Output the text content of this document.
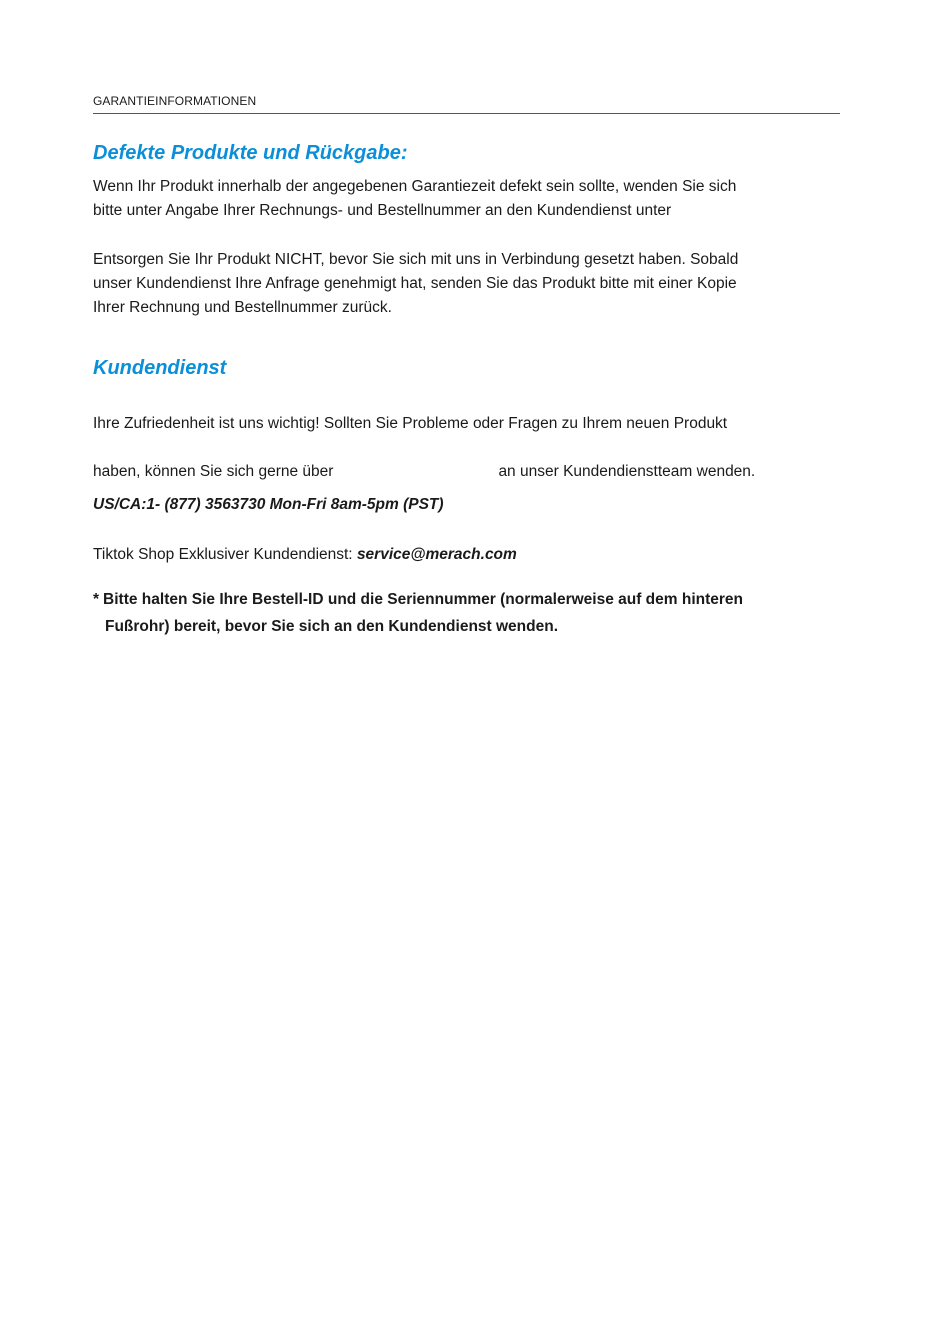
GARANTIEINFORMATIONEN
Defekte Produkte und Rückgabe:

Wenn Ihr Produkt innerhalb der angegebenen Garantiezeit defekt sein sollte, wenden Sie sich
bitte unter Angabe Ihrer Rechnungs- und Bestellnummer an den Kundendienst unter

Entsorgen Sie Ihr Produkt NICHT, bevor Sie sich mit uns in Verbindung gesetzt haben. Sobald
unser Kundendienst Ihre Anfrage genehmigt hat, senden Sie das Produkt bitte mit einer Kopie
Ihrer Rechnung und Bestellnummer zurück.

Kundendienst

Ihre Zufriedenheit ist uns wichtig! Sollten Sie Probleme oder Fragen zu Ihrem neuen Produkt

haben, können Sie sich gerne über	an unser Kundendienstteam wenden.

US/CA:1- (877) 3563730 Mon-Fri 8am-5pm (PST)

Tiktok Shop Exklusiver Kundendienst: service@merach.com

* Bitte halten Sie Ihre Bestell-ID und die Seriennummer (normalerweise auf dem hinteren
Fußrohr) bereit, bevor Sie sich an den Kundendienst wenden.
